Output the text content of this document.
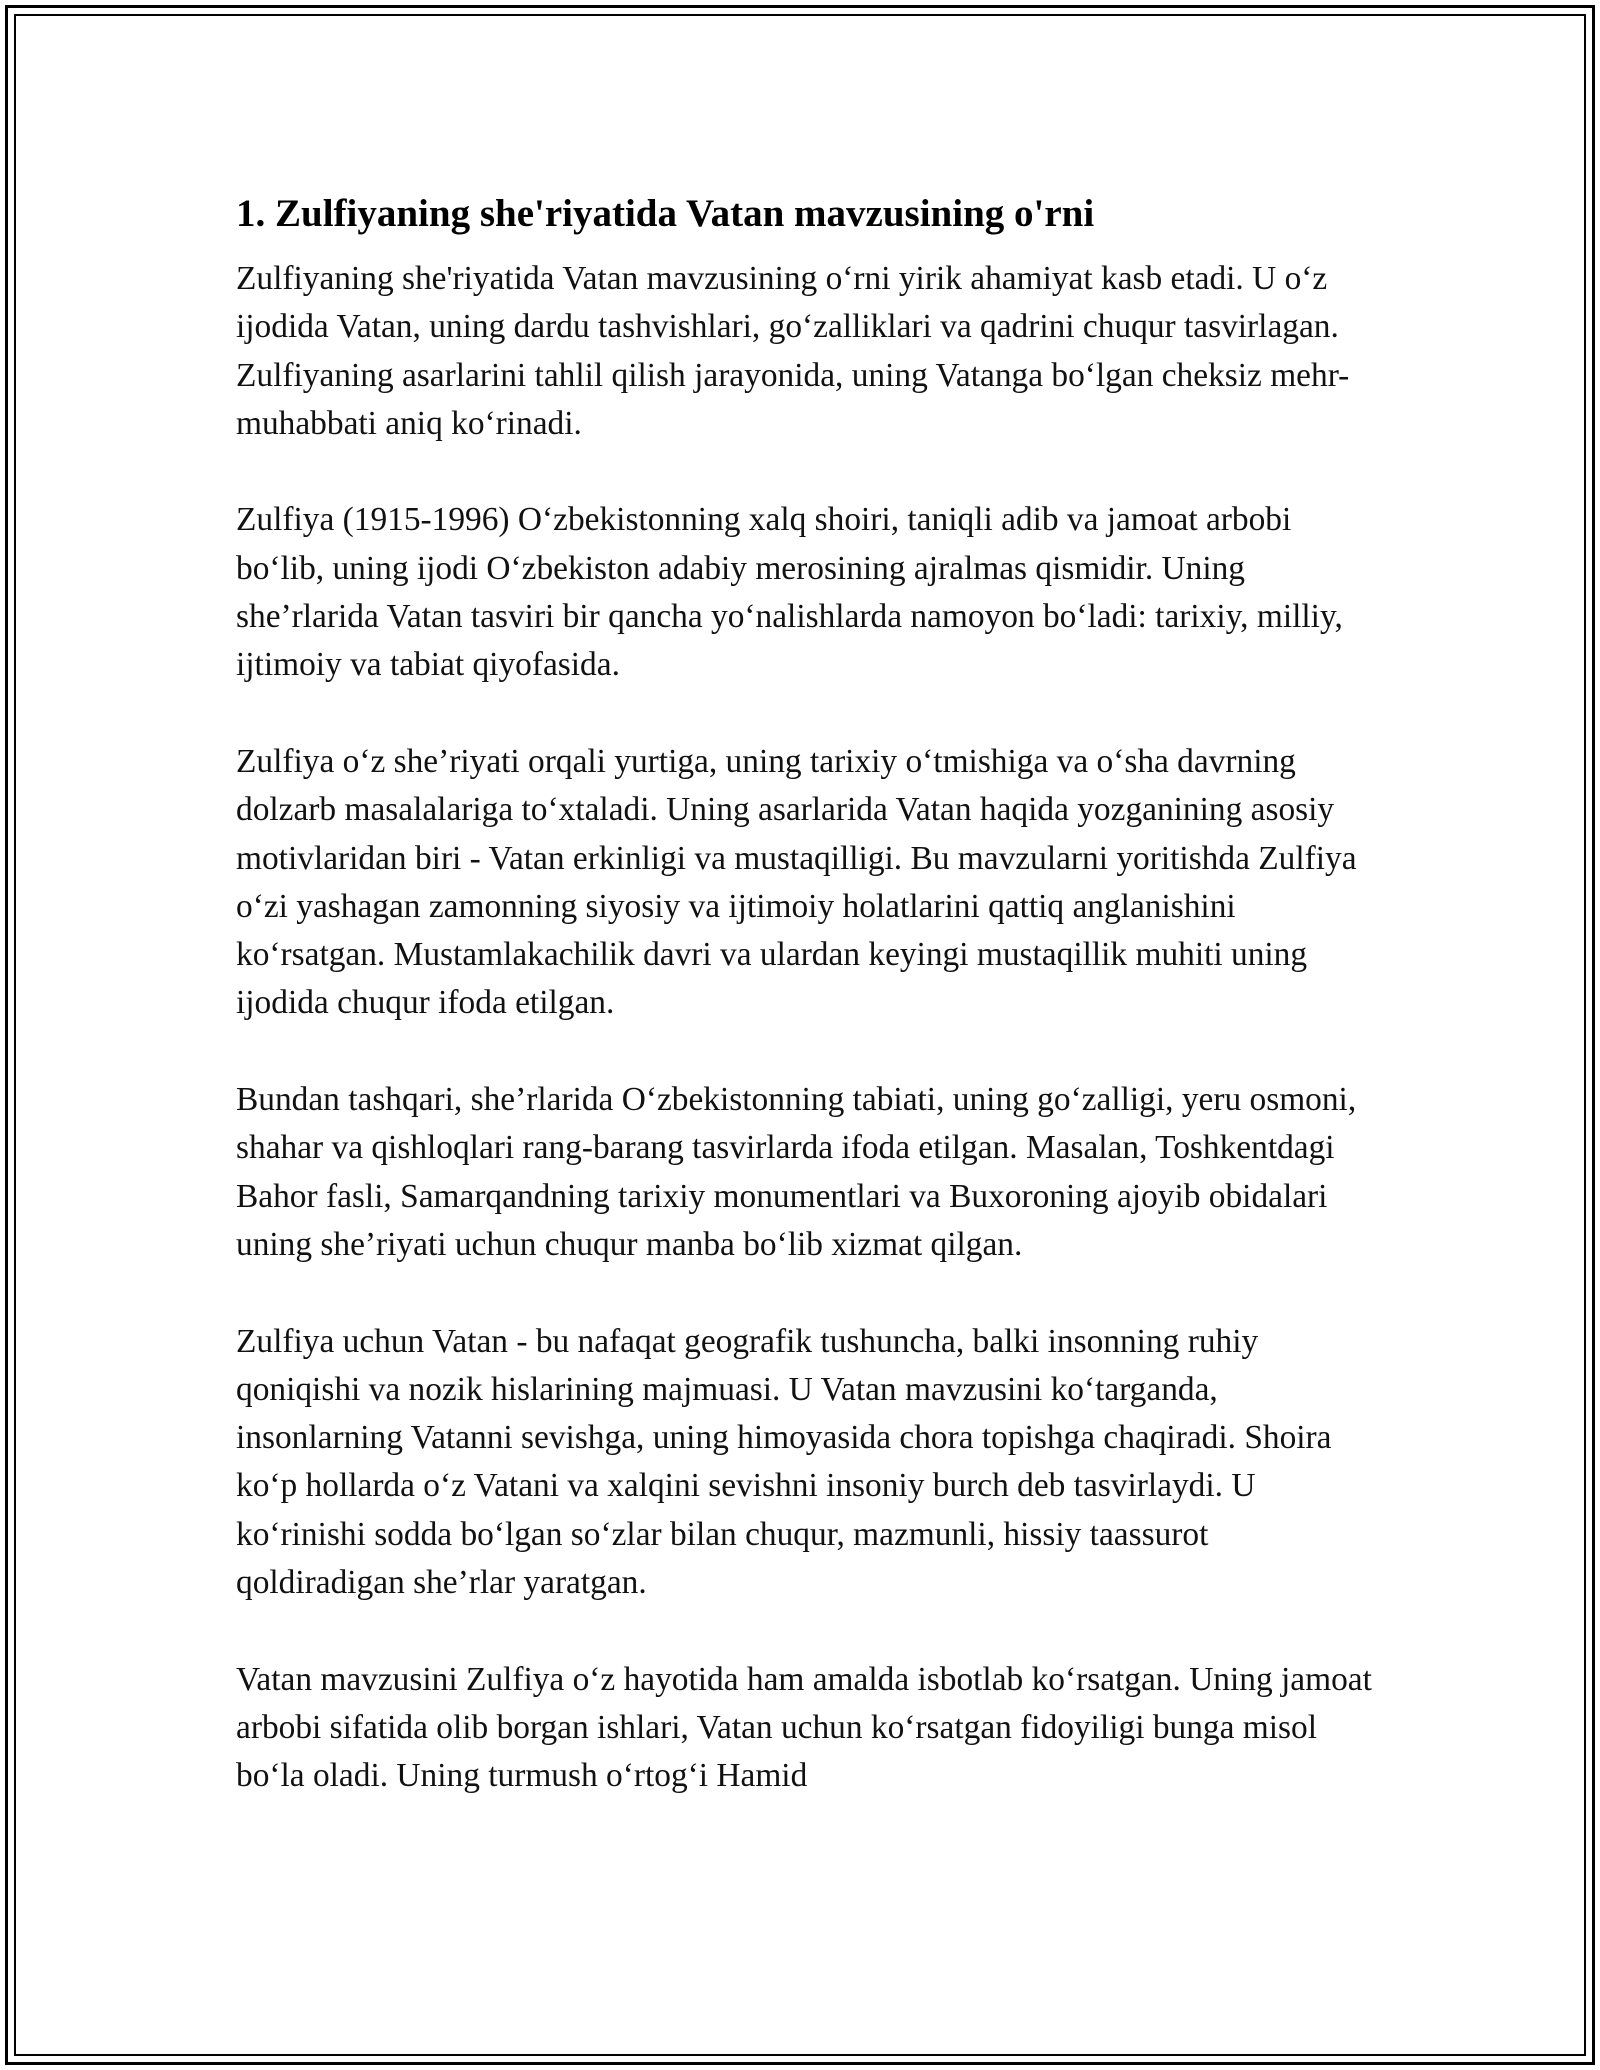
1. Zulfiyaning she'riyatida Vatan mavzusining o'rni

Zulfiyaning she'riyatida Vatan mavzusining o‘rni yirik ahamiyat kasb etadi. U o‘z ijodida Vatan, uning dardu tashvishlari, go‘zalliklari va qadrini chuqur tasvirlagan. Zulfiyaning asarlarini tahlil qilish jarayonida, uning Vatanga bo‘lgan cheksiz mehr-muhabbati aniq ko‘rinadi.

Zulfiya (1915-1996) O‘zbekistonning xalq shoiri, taniqli adib va jamoat arbobi bo‘lib, uning ijodi O‘zbekiston adabiy merosining ajralmas qismidir. Uning she’rlarida Vatan tasviri bir qancha yo‘nalishlarda namoyon bo‘ladi: tarixiy, milliy, ijtimoiy va tabiat qiyofasida.

Zulfiya o‘z she’riyati orqali yurtiga, uning tarixiy o‘tmishiga va o‘sha davrning dolzarb masalalariga to‘xtaladi. Uning asarlarida Vatan haqida yozganining asosiy motivlaridan biri - Vatan erkinligi va mustaqilligi. Bu mavzularni yoritishda Zulfiya o‘zi yashagan zamonning siyosiy va ijtimoiy holatlarini qattiq anglanishini ko‘rsatgan. Mustamlakachilik davri va ulardan keyingi mustaqillik muhiti uning ijodida chuqur ifoda etilgan.

Bundan tashqari, she’rlarida O‘zbekistonning tabiati, uning go‘zalligi, yeru osmoni, shahar va qishloqlari rang-barang tasvirlarda ifoda etilgan. Masalan, Toshkentdagi Bahor fasli, Samarqandning tarixiy monumentlari va Buxoroning ajoyib obidalari uning she’riyati uchun chuqur manba bo‘lib xizmat qilgan.

Zulfiya uchun Vatan - bu nafaqat geografik tushuncha, balki insonning ruhiy qoniqishi va nozik hislarining majmuasi. U Vatan mavzusini ko‘targanda, insonlarning Vatanni sevishga, uning himoyasida chora topishga chaqiradi. Shoira ko‘p hollarda o‘z Vatani va xalqini sevishni insoniy burch deb tasvirlaydi. U ko‘rinishi sodda bo‘lgan so‘zlar bilan chuqur, mazmunli, hissiy taassurot qoldiradigan she’rlar yaratgan.

Vatan mavzusini Zulfiya o‘z hayotida ham amalda isbotlab ko‘rsatgan. Uning jamoat arbobi sifatida olib borgan ishlari, Vatan uchun ko‘rsatgan fidoyiligi bunga misol bo‘la oladi. Uning turmush o‘rtog‘i Hamid
